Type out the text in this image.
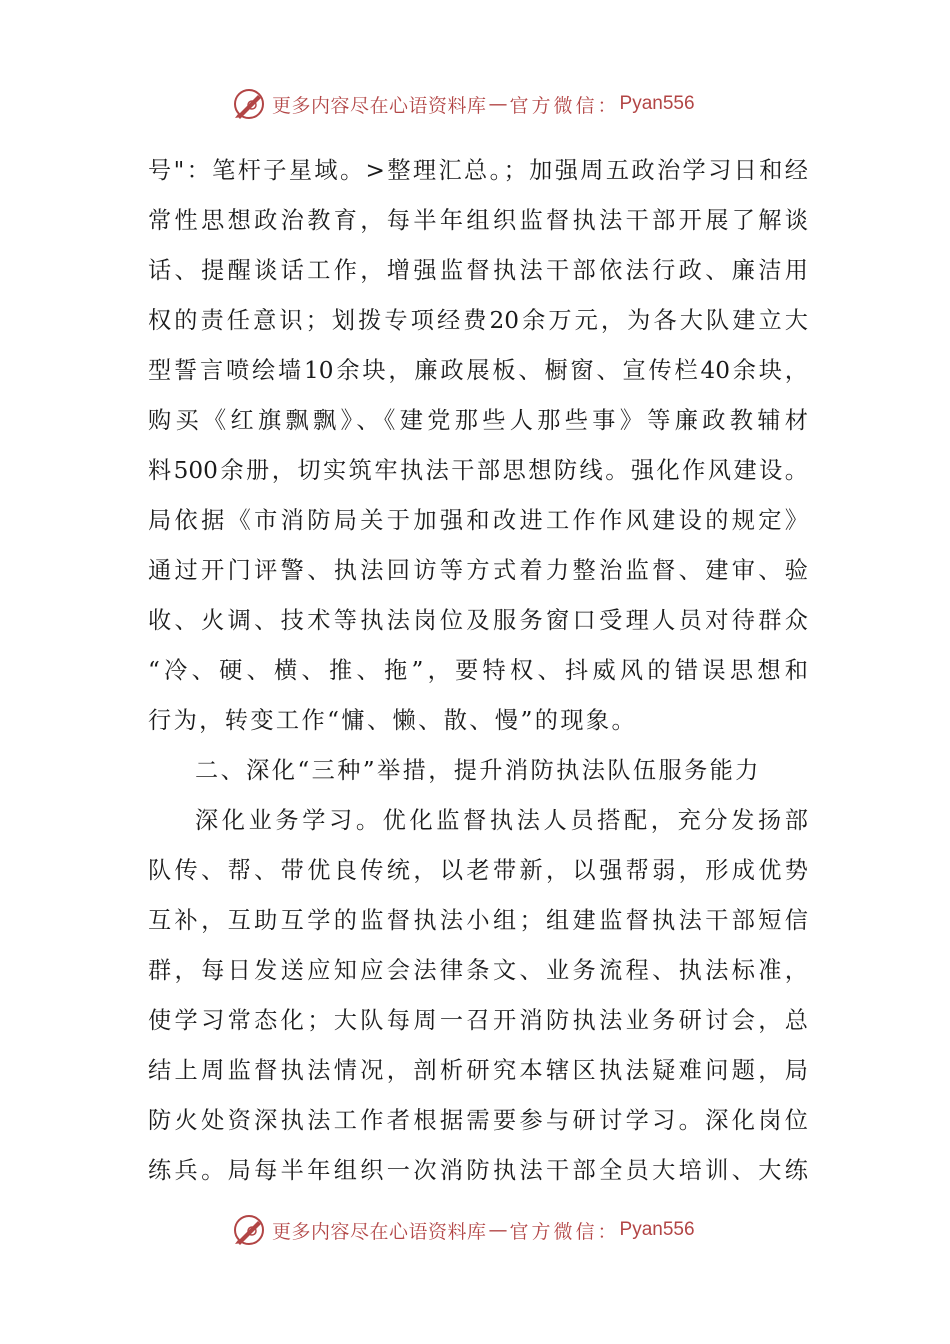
更多内容尽在心语资料库 — 官方微信： Pyan556
号"：笔杆子星域。>整理汇总。；加强周五政治学习日和经
常性思想政治教育，每半年组织监督执法干部开展了解谈
话、提醒谈话工作，增强监督执法干部依法行政、廉洁用
权的责任意识；划拨专项经费20余万元，为各大队建立大
型誓言喷绘墙10余块，廉政展板、橱窗、宣传栏40余块，
购买《红旗飘飘》、《建党那些人那些事》等廉政教辅材
料500余册，切实筑牢执法干部思想防线。强化作风建设。
局依据《市消防局关于加强和改进工作作风建设的规定》
通过开门评警、执法回访等方式着力整治监督、建审、验
收、火调、技术等执法岗位及服务窗口受理人员对待群众
“冷、硬、横、推、拖”，要特权、抖威风的错误思想和
行为，转变工作“慵、懒、散、慢”的现象。
二、深化“三种”举措，提升消防执法队伍服务能力
深化业务学习。优化监督执法人员搭配，充分发扬部
队传、帮、带优良传统，以老带新，以强帮弱，形成优势
互补，互助互学的监督执法小组；组建监督执法干部短信
群，每日发送应知应会法律条文、业务流程、执法标准，
使学习常态化；大队每周一召开消防执法业务研讨会，总
结上周监督执法情况，剖析研究本辖区执法疑难问题，局
防火处资深执法工作者根据需要参与研讨学习。深化岗位
练兵。局每半年组织一次消防执法干部全员大培训、大练
更多内容尽在心语资料库 — 官方微信： Pyan556
